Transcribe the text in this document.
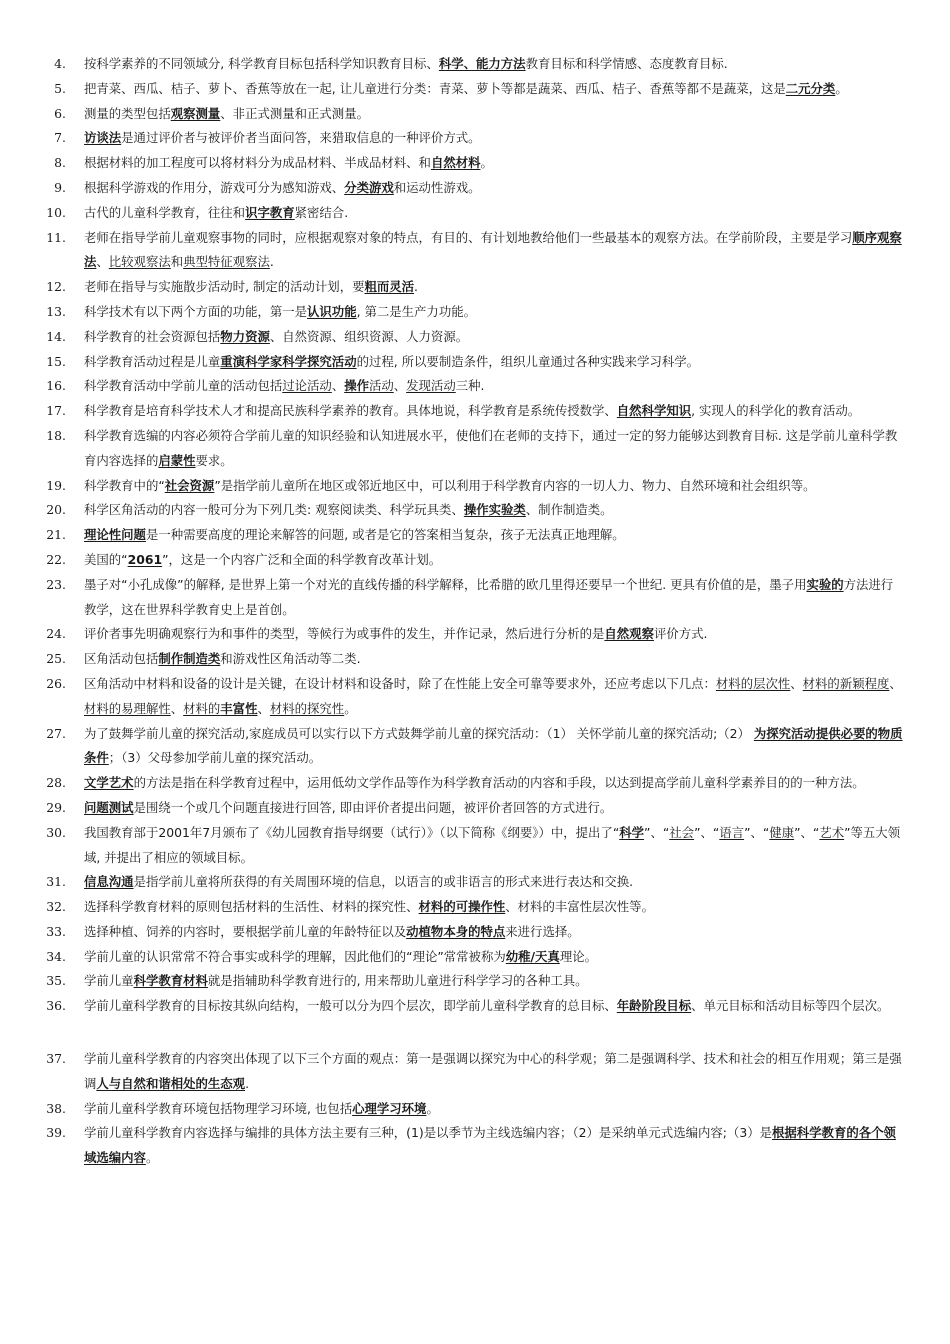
4. 按科学素养的不同领域分, 科学教育目标包括科学知识教育目标、科学、能力方法教育目标和科学情感、态度教育目标.
5. 把青菜、西瓜、桔子、萝卜、香蕉等放在一起, 让儿童进行分类：青菜、萝卜等都是蔬菜、西瓜、桔子、香蕉等都不是蔬菜，这是二元分类。
6. 测量的类型包括观察测量、非正式测量和正式测量。
7. 访谈法是通过评价者与被评价者当面问答，来猎取信息的一种评价方式。
8. 根据材料的加工程度可以将材料分为成品材料、半成品材料、和自然材料。
9. 根据科学游戏的作用分，游戏可分为感知游戏、分类游戏和运动性游戏。
10. 古代的儿童科学教育，往往和识字教育紧密结合.
11. 老师在指导学前儿童观察事物的同时，应根据观察对象的特点，有目的、有计划地教给他们一些最基本的观察方法。在学前阶段，主要是学习顺序观察法、比较观察法和典型特征观察法.
12. 老师在指导与实施散步活动时, 制定的活动计划，要粗而灵活.
13. 科学技术有以下两个方面的功能，第一是认识功能, 第二是生产力功能。
14. 科学教育的社会资源包括物力资源、自然资源、组织资源、人力资源。
15. 科学教育活动过程是儿童重演科学家科学探究活动的过程, 所以要制造条件，组织儿童通过各种实践来学习科学。
16. 科学教育活动中学前儿童的活动包括过论活动、操作活动、发现活动三种.
17. 科学教育是培育科学技术人才和提高民族科学素养的教育。具体地说，科学教育是系统传授数学、自然科学知识, 实现人的科学化的教育活动。
18. 科学教育选编的内容必须符合学前儿童的知识经验和认知进展水平，使他们在老师的支持下，通过一定的努力能够达到教育目标. 这是学前儿童科学教育内容选择的启蒙性要求。
19. 科学教育中的“社会资源”是指学前儿童所在地区或邻近地区中，可以利用于科学教育内容的一切人力、物力、自然环境和社会组织等。
20. 科学区角活动的内容一般可分为下列几类: 观察阅读类、科学玩具类、操作实验类、制作制造类。
21. 理论性问题是一种需要高度的理论来解答的问题, 或者是它的答案相当复杂，孩子无法真正地理解。
22. 美国的“2061”，这是一个内容广泛和全面的科学教育改革计划。
23. 墨子对“小孔成像”的解释, 是世界上第一个对光的直线传播的科学解释，比希腊的欧几里得还要早一个世纪. 更具有价值的是，墨子用实验的方法进行教学，这在世界科学教育史上是首创。
24. 评价者事先明确观察行为和事件的类型，等候行为或事件的发生，并作记录，然后进行分析的是自然观察评价方式.
25. 区角活动包括制作制造类和游戏性区角活动等二类.
26. 区角活动中材料和设备的设计是关键，在设计材料和设备时，除了在性能上安全可靠等要求外，还应考虑以下几点：材料的层次性、材料的新颖程度、材料的易理解性、材料的丰富性、材料的探究性。
27. 为了鼓舞学前儿童的探究活动,家庭成员可以实行以下方式鼓舞学前儿童的探究活动：（1） 关怀学前儿童的探究活动;（2） 为探究活动提供必要的物质条件；（3）父母参加学前儿童的探究活动。
28. 文学艺术的方法是指在科学教育过程中，运用低幼文学作品等作为科学教育活动的内容和手段，以达到提高学前儿童科学素养目的的一种方法。
29. 问题测试是围绕一个或几个问题直接进行回答, 即由评价者提出问题，被评价者回答的方式进行。
30. 我国教育部于2001年7月颁布了《幼儿园教育指导纲要（试行）》（以下简称《纲要》）中，提出了“科学”、“社会”、“语言”、“健康”、“艺术”等五大领域, 并提出了相应的领域目标。
31. 信息沟通是指学前儿童将所获得的有关周围环境的信息，以语言的或非语言的形式来进行表达和交换.
32. 选择科学教育材料的原则包括材料的生活性、材料的探究性、材料的可操作性、材料的丰富性层次性等。
33. 选择种植、饲养的内容时，要根据学前儿童的年龄特征以及动植物本身的特点来进行选择。
34. 学前儿童的认识常常不符合事实或科学的理解，因此他们的“理论”常常被称为幼稚/天真理论。
35. 学前儿童科学教育材料就是指辅助科学教育进行的, 用来帮助儿童进行科学学习的各种工具。
36. 学前儿童科学教育的目标按其纵向结构，一般可以分为四个层次，即学前儿童科学教育的总目标、年龄阶段目标、单元目标和活动目标等四个层次。
37. 学前儿童科学教育的内容突出体现了以下三个方面的观点：第一是强调以探究为中心的科学观；第二是强调科学、技术和社会的相互作用观；第三是强调人与自然和谐相处的生态观.
38. 学前儿童科学教育环境包括物理学习环境, 也包括心理学习环境。
39. 学前儿童科学教育内容选择与编排的具体方法主要有三种，(1)是以季节为主线选编内容；（2）是采纳单元式选编内容;（3）是根据科学教育的各个领域选编内容。
